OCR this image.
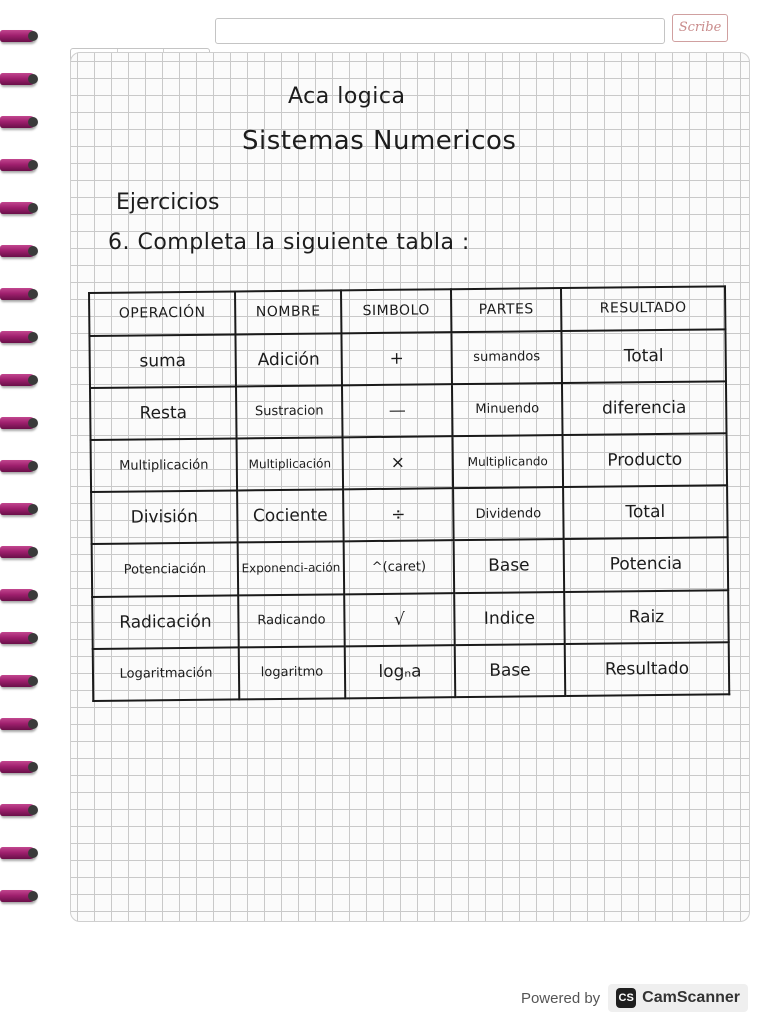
Scribe
Aca logica
Sistemas Numericos
Ejercicios
6. Completa la siguiente tabla :
OPERACIÓN	NOMBRE	SIMBOLO	PARTES	RESULTADO
suma	Adición	+	sumandos	Total
Resta	Sustracion	—	Minuendo	diferencia
Multiplicación	Multiplicación	×	Multiplicando	Producto
División	Cociente	÷	Dividendo	Total
Potenciación	Exponenci-ación	^(caret)	Base	Potencia
Radicación	Radicando	√	Indice	Raiz
Logaritmación	logaritmo	logₙa	Base	Resultado
Powered by CS CamScanner
